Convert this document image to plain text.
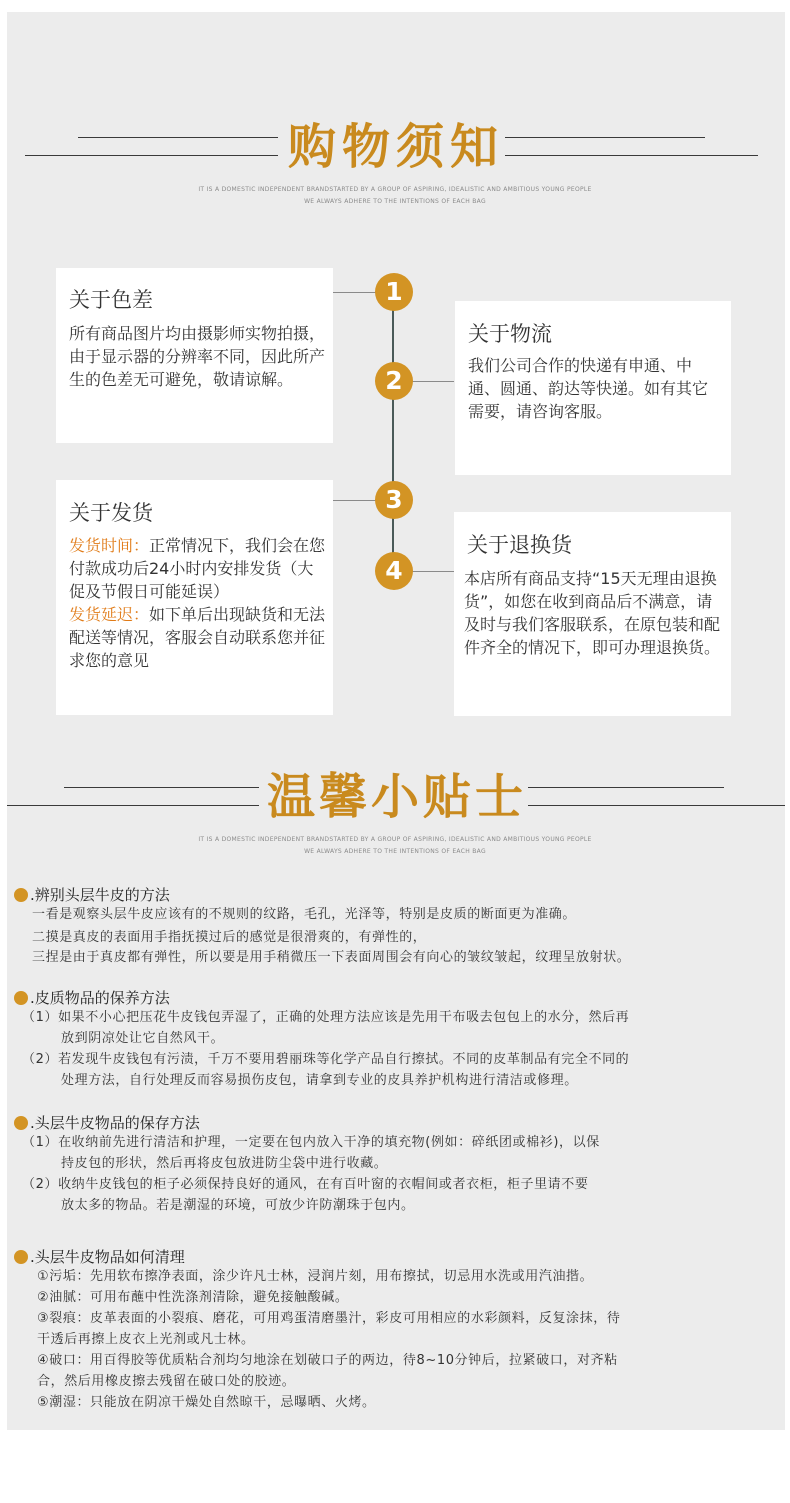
购物须知
IT IS A DOMESTIC INDEPENDENT BRANDSTARTED BY A GROUP OF ASPIRING, IDEALISTIC AND AMBITIOUS YOUNG PEOPLE
WE ALWAYS ADHERE TO THE INTENTIONS OF EACH BAG
1
2
3
4
关于色差
所有商品图片均由摄影师实物拍摄，由于显示器的分辨率不同，因此所产生的色差无可避免，敬请谅解。
关于物流
我们公司合作的快递有申通、中通、圆通、韵达等快递。如有其它需要，请咨询客服。
关于发货
发货时间：正常情况下，我们会在您付款成功后24小时内安排发货（大促及节假日可能延误）
发货延迟：如下单后出现缺货和无法配送等情况，客服会自动联系您并征求您的意见
关于退换货
本店所有商品支持“15天无理由退换货”，如您在收到商品后不满意，请及时与我们客服联系，在原包装和配件齐全的情况下，即可办理退换货。
温馨小贴士
IT IS A DOMESTIC INDEPENDENT BRANDSTARTED BY A GROUP OF ASPIRING, IDEALISTIC AND AMBITIOUS YOUNG PEOPLE
WE ALWAYS ADHERE TO THE INTENTIONS OF EACH BAG
.辨别头层牛皮的方法
一看是观察头层牛皮应该有的不规则的纹路，毛孔，光泽等，特别是皮质的断面更为准确。
二摸是真皮的表面用手指抚摸过后的感觉是很滑爽的，有弹性的，
三捏是由于真皮都有弹性，所以要是用手稍微压一下表面周围会有向心的皱纹皱起，纹理呈放射状。
.皮质物品的保养方法
（1）如果不小心把压花牛皮钱包弄湿了，正确的处理方法应该是先用干布吸去包包上的水分，然后再
放到阴凉处让它自然风干。
（2）若发现牛皮钱包有污渍，千万不要用碧丽珠等化学产品自行擦拭。不同的皮革制品有完全不同的
处理方法，自行处理反而容易损伤皮包，请拿到专业的皮具养护机构进行清洁或修理。
.头层牛皮物品的保存方法
（1）在收纳前先进行清洁和护理，一定要在包内放入干净的填充物(例如：碎纸团或棉衫)，以保
持皮包的形状，然后再将皮包放进防尘袋中进行收藏。
（2）收纳牛皮钱包的柜子必须保持良好的通风，在有百叶窗的衣帽间或者衣柜，柜子里请不要
放太多的物品。若是潮湿的环境，可放少许防潮珠于包内。
.头层牛皮物品如何清理
①污垢：先用软布擦净表面，涂少许凡士林，浸润片刻，用布擦拭，切忌用水洗或用汽油揩。
②油腻：可用布蘸中性洗涤剂清除，避免接触酸碱。
③裂痕：皮革表面的小裂痕、磨花，可用鸡蛋清磨墨汁，彩皮可用相应的水彩颜料，反复涂抹，待
干透后再擦上皮衣上光剂或凡士林。
④破口：用百得胶等优质粘合剂均匀地涂在划破口子的两边，待8~10分钟后，拉紧破口，对齐粘
合，然后用橡皮擦去残留在破口处的胶迹。
⑤潮湿：只能放在阴凉干燥处自然晾干，忌曝晒、火烤。
